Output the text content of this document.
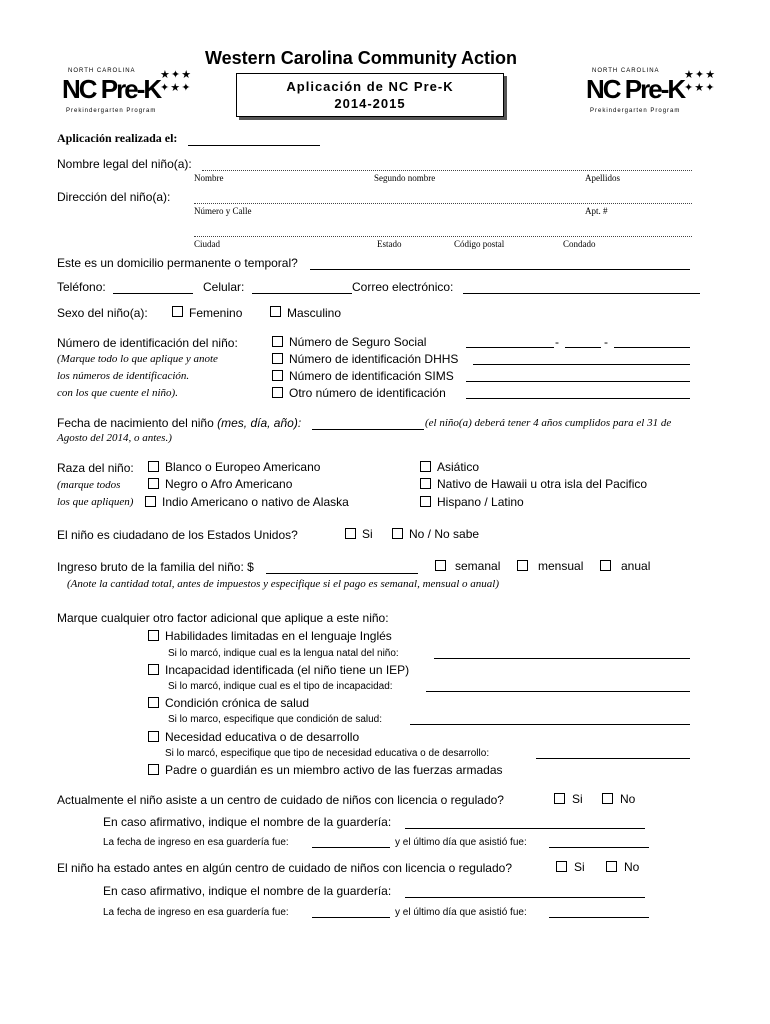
Western Carolina Community Action
Aplicación de NC Pre-K
2014-2015
NORTH CAROLINA
NC Pre-K
Prekindergarten Program
★ ✦ ★
✦ ★ ✦
NORTH CAROLINA
NC Pre-K
Prekindergarten Program
★ ✦ ★
✦ ★ ✦
Aplicación realizada el:
Nombre legal del niño(a):
Nombre	Segundo nombre	Apellidos
Dirección del niño(a):
Número y Calle	Apt. #
Ciudad	Estado	Código postal	Condado
Este es un domicilio permanente o temporal?
Teléfono:	Celular:	Correo electrónico:
Sexo del niño(a):	Femenino	Masculino
Número de identificación del niño:
(Marque todo lo que aplique y anote
los números de identificación.
con los que cuente el niño).
Número de Seguro Social	-	-
Número de identificación DHHS
Número de identificación SIMS
Otro número de identificación
Fecha de nacimiento del niño (mes, día, año):	(el niño(a) deberá tener 4 años cumplidos para el 31 de
Agosto del 2014, o antes.)
Raza del niño:
(marque todos
los que apliquen)
Blanco o Europeo Americano
Negro o Afro Americano
Indio Americano o nativo de Alaska
Asiático
Nativo de Hawaii u otra isla del Pacifico
Hispano / Latino
El niño es ciudadano de los Estados Unidos?	Si	No / No sabe
Ingreso bruto de la familia del niño: $	semanal	mensual	anual
(Anote la cantidad total, antes de impuestos y especifique si el pago es semanal, mensual o anual)
Marque cualquier otro factor adicional que aplique a este niño:
Habilidades limitadas en el lenguaje Inglés
Si lo marcó, indique cual es la lengua natal del niño:
Incapacidad identificada (el niño tiene un IEP)
Si lo marcó, indique cual es el tipo de incapacidad:
Condición crónica de salud
Si lo marco, especifique que condición de salud:
Necesidad educativa o de desarrollo
Si lo marcó, especifique que tipo de necesidad educativa o de desarrollo:
Padre o guardián es un miembro activo de las fuerzas armadas
Actualmente el niño asiste a un centro de cuidado de niños con licencia o regulado?	Si	No
En caso afirmativo, indique el nombre de la guardería:
La fecha de ingreso en esa guardería fue:	y el último día que asistió fue:
El niño ha estado antes en algún centro de cuidado de niños con licencia o regulado?	Si	No
En caso afirmativo, indique el nombre de la guardería:
La fecha de ingreso en esa guardería fue:	y el último día que asistió fue:
